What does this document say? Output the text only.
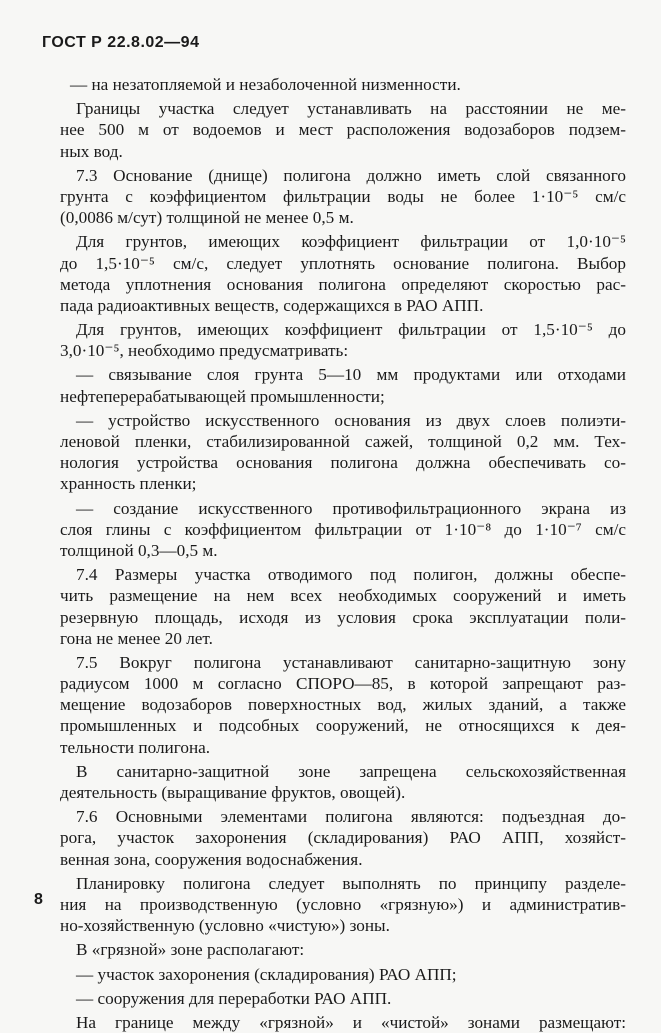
ГОСТ Р 22.8.02—94
— на незатопляемой и незаболоченной низменности.
Границы участка следует устанавливать на расстоянии не ме-
нее 500 м от водоемов и мест расположения водозаборов подзем-
ных вод.
7.3 Основание (днище) полигона должно иметь слой связанного
грунта с коэффициентом фильтрации воды не более 1·10⁻⁵ см/с
(0,0086 м/сут) толщиной не менее 0,5 м.
Для грунтов, имеющих коэффициент фильтрации от 1,0·10⁻⁵
до 1,5·10⁻⁵ см/с, следует уплотнять основание полигона. Выбор
метода уплотнения основания полигона определяют скоростью рас-
пада радиоактивных веществ, содержащихся в РАО АПП.
Для грунтов, имеющих коэффициент фильтрации от 1,5·10⁻⁵ до
3,0·10⁻⁵, необходимо предусматривать:
— связывание слоя грунта 5—10 мм продуктами или отходами
нефтеперерабатывающей промышленности;
— устройство искусственного основания из двух слоев полиэти-
леновой пленки, стабилизированной сажей, толщиной 0,2 мм. Тех-
нология устройства основания полигона должна обеспечивать со-
хранность пленки;
— создание искусственного противофильтрационного экрана из
слоя глины с коэффициентом фильтрации от 1·10⁻⁸ до 1·10⁻⁷ см/с
толщиной 0,3—0,5 м.
7.4 Размеры участка отводимого под полигон, должны обеспе-
чить размещение на нем всех необходимых сооружений и иметь
резервную площадь, исходя из условия срока эксплуатации поли-
гона не менее 20 лет.
7.5 Вокруг полигона устанавливают санитарно-защитную зону
радиусом 1000 м согласно СПОРО—85, в которой запрещают раз-
мещение водозаборов поверхностных вод, жилых зданий, а также
промышленных и подсобных сооружений, не относящихся к дея-
тельности полигона.
В санитарно-защитной зоне запрещена сельскохозяйственная
деятельность (выращивание фруктов, овощей).
7.6 Основными элементами полигона являются: подъездная до-
рога, участок захоронения (складирования) РАО АПП, хозяйст-
венная зона, сооружения водоснабжения.
Планировку полигона следует выполнять по принципу разделе-
ния на производственную (условно «грязную») и административ-
но-хозяйственную (условно «чистую») зоны.
В «грязной» зоне располагают:
— участок захоронения (складирования) РАО АПП;
— сооружения для переработки РАО АПП.
На границе между «грязной» и «чистой» зонами размещают:
8
